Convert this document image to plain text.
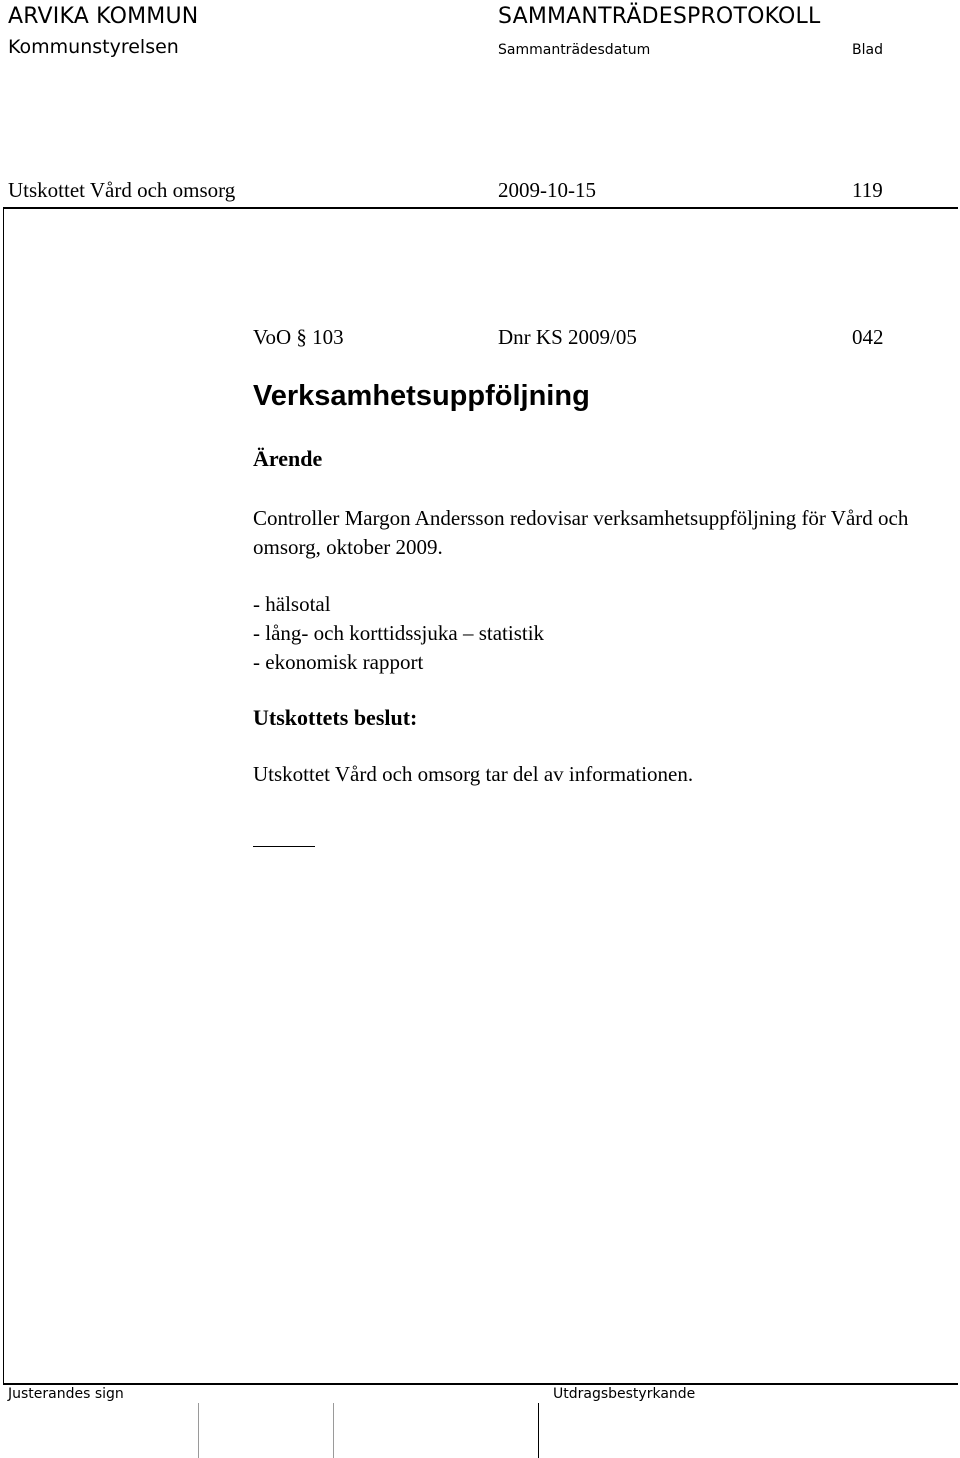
ARVIKA KOMMUN
Kommunstyrelsen
SAMMANTRÄDESPROTOKOLL
Sammanträdesdatum	Blad
Utskottet Vård och omsorg	2009-10-15	119
VoO § 103	Dnr KS 2009/05	042
Verksamhetsuppföljning
Ärende
Controller Margon Andersson redovisar verksamhetsuppföljning för Vård och omsorg, oktober 2009.
- hälsotal
- lång- och korttidssjuka – statistik
- ekonomisk rapport
Utskottets beslut:
Utskottet Vård och omsorg tar del av informationen.
Justerandes sign	Utdragsbestyrkande
